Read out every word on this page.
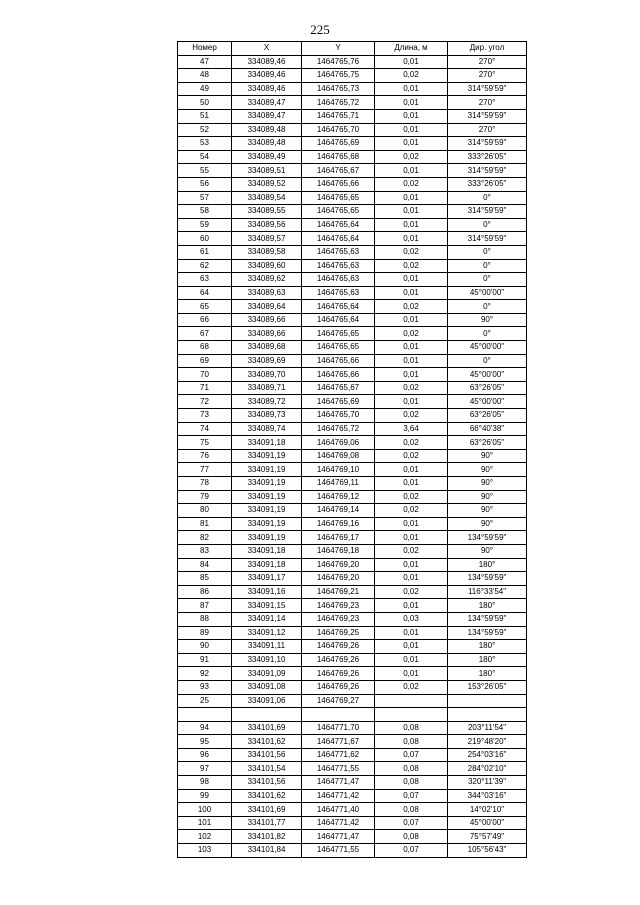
225
Номер	X	Y	Длина, м	Дир. угол
47	334089,46	1464765,76	0,01	270°
48	334089,46	1464765,75	0,02	270°
49	334089,46	1464765,73	0,01	314°59'59"
50	334089,47	1464765,72	0,01	270°
51	334089,47	1464765,71	0,01	314°59'59"
52	334089,48	1464765,70	0,01	270°
53	334089,48	1464765,69	0,01	314°59'59"
54	334089,49	1464765,68	0,02	333°26'05"
55	334089,51	1464765,67	0,01	314°59'59"
56	334089,52	1464765,66	0,02	333°26'05"
57	334089,54	1464765,65	0,01	0°
58	334089,55	1464765,65	0,01	314°59'59"
59	334089,56	1464765,64	0,01	0°
60	334089,57	1464765,64	0,01	314°59'59"
61	334089,58	1464765,63	0,02	0°
62	334089,60	1464765,63	0,02	0°
63	334089,62	1464765,63	0,01	0°
64	334089,63	1464765,63	0,01	45°00'00"
65	334089,64	1464765,64	0,02	0°
66	334089,66	1464765,64	0,01	90°
67	334089,66	1464765,65	0,02	0°
68	334089,68	1464765,65	0,01	45°00'00"
69	334089,69	1464765,66	0,01	0°
70	334089,70	1464765,66	0,01	45°00'00"
71	334089,71	1464765,67	0,02	63°26'05"
72	334089,72	1464765,69	0,01	45°00'00"
73	334089,73	1464765,70	0,02	63°26'05"
74	334089,74	1464765,72	3,64	66°40'38"
75	334091,18	1464769,06	0,02	63°26'05"
76	334091,19	1464769,08	0,02	90°
77	334091,19	1464769,10	0,01	90°
78	334091,19	1464769,11	0,01	90°
79	334091,19	1464769,12	0,02	90°
80	334091,19	1464769,14	0,02	90°
81	334091,19	1464769,16	0,01	90°
82	334091,19	1464769,17	0,01	134°59'59"
83	334091,18	1464769,18	0,02	90°
84	334091,18	1464769,20	0,01	180°
85	334091,17	1464769,20	0,01	134°59'59"
86	334091,16	1464769,21	0,02	116°33'54"
87	334091,15	1464769,23	0,01	180°
88	334091,14	1464769,23	0,03	134°59'59"
89	334091,12	1464769,25	0,01	134°59'59"
90	334091,11	1464769,26	0,01	180°
91	334091,10	1464769,26	0,01	180°
92	334091,09	1464769,26	0,01	180°
93	334091,08	1464769,26	0,02	153°26'05"
25	334091,06	1464769,27		

94	334101,69	1464771,70	0,08	203°11'54"
95	334101,62	1464771,67	0,08	219°48'20"
96	334101,56	1464771,62	0,07	254°03'16"
97	334101,54	1464771,55	0,08	284°02'10"
98	334101,56	1464771,47	0,08	320°11'39"
99	334101,62	1464771,42	0,07	344°03'16"
100	334101,69	1464771,40	0,08	14°02'10"
101	334101,77	1464771,42	0,07	45°00'00"
102	334101,82	1464771,47	0,08	75°57'49"
103	334101,84	1464771,55	0,07	105°56'43"
